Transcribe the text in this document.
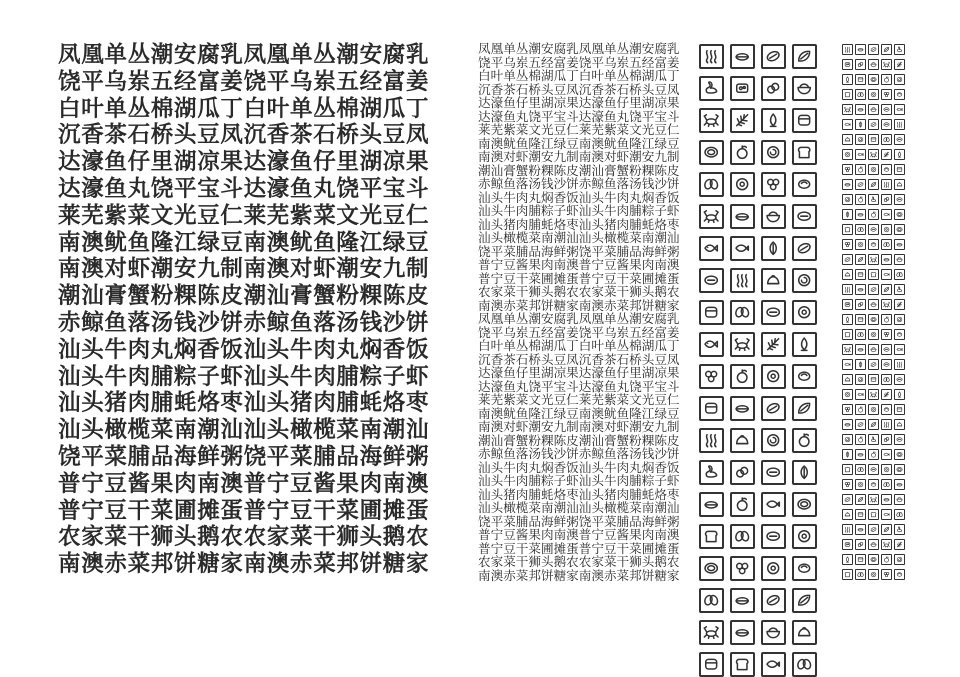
凤凰单丛潮安腐乳凤凰单丛潮安腐乳
饶平乌岽五经富姜饶平乌岽五经富姜
白叶单丛棉湖瓜丁白叶单丛棉湖瓜丁
沉香茶石桥头豆凤沉香茶石桥头豆凤
达濠鱼仔里湖凉果达濠鱼仔里湖凉果
达濠鱼丸饶平宝斗达濠鱼丸饶平宝斗
莱芜紫菜文光豆仁莱芜紫菜文光豆仁
南澳鱿鱼隆江绿豆南澳鱿鱼隆江绿豆
南澳对虾潮安九制南澳对虾潮安九制
潮汕膏蟹粉粿陈皮潮汕膏蟹粉粿陈皮
赤鲸鱼落汤钱沙饼赤鲸鱼落汤钱沙饼
汕头牛肉丸焖香饭汕头牛肉丸焖香饭
汕头牛肉脯粽子虾汕头牛肉脯粽子虾
汕头猪肉脯蚝烙枣汕头猪肉脯蚝烙枣
汕头橄榄菜南潮汕汕头橄榄菜南潮汕
饶平菜脯品海鲜粥饶平菜脯品海鲜粥
普宁豆酱果肉南澳普宁豆酱果肉南澳
普宁豆干菜圃摊蛋普宁豆干菜圃摊蛋
农家菜干狮头鹅农农家菜干狮头鹅农
南澳赤菜邦饼糖家南澳赤菜邦饼糖家
凤凰单丛潮安腐乳凤凰单丛潮安腐乳
饶平乌岽五经富姜饶平乌岽五经富姜
白叶单丛棉湖瓜丁白叶单丛棉湖瓜丁
沉香茶石桥头豆凤沉香茶石桥头豆凤
达濠鱼仔里湖凉果达濠鱼仔里湖凉果
达濠鱼丸饶平宝斗达濠鱼丸饶平宝斗
莱芜紫菜文光豆仁莱芜紫菜文光豆仁
南澳鱿鱼隆江绿豆南澳鱿鱼隆江绿豆
南澳对虾潮安九制南澳对虾潮安九制
潮汕膏蟹粉粿陈皮潮汕膏蟹粉粿陈皮
赤鲸鱼落汤钱沙饼赤鲸鱼落汤钱沙饼
汕头牛肉丸焖香饭汕头牛肉丸焖香饭
汕头牛肉脯粽子虾汕头牛肉脯粽子虾
汕头猪肉脯蚝烙枣汕头猪肉脯蚝烙枣
汕头橄榄菜南潮汕汕头橄榄菜南潮汕
饶平菜脯品海鲜粥饶平菜脯品海鲜粥
普宁豆酱果肉南澳普宁豆酱果肉南澳
普宁豆干菜圃摊蛋普宁豆干菜圃摊蛋
农家菜干狮头鹅农农家菜干狮头鹅农
南澳赤菜邦饼糖家南澳赤菜邦饼糖家
凤凰单丛潮安腐乳凤凰单丛潮安腐乳
饶平乌岽五经富姜饶平乌岽五经富姜
白叶单丛棉湖瓜丁白叶单丛棉湖瓜丁
沉香茶石桥头豆凤沉香茶石桥头豆凤
达濠鱼仔里湖凉果达濠鱼仔里湖凉果
达濠鱼丸饶平宝斗达濠鱼丸饶平宝斗
莱芜紫菜文光豆仁莱芜紫菜文光豆仁
南澳鱿鱼隆江绿豆南澳鱿鱼隆江绿豆
南澳对虾潮安九制南澳对虾潮安九制
潮汕膏蟹粉粿陈皮潮汕膏蟹粉粿陈皮
赤鲸鱼落汤钱沙饼赤鲸鱼落汤钱沙饼
汕头牛肉丸焖香饭汕头牛肉丸焖香饭
汕头牛肉脯粽子虾汕头牛肉脯粽子虾
汕头猪肉脯蚝烙枣汕头猪肉脯蚝烙枣
汕头橄榄菜南潮汕汕头橄榄菜南潮汕
饶平菜脯品海鲜粥饶平菜脯品海鲜粥
普宁豆酱果肉南澳普宁豆酱果肉南澳
普宁豆干菜圃摊蛋普宁豆干菜圃摊蛋
农家菜干狮头鹅农农家菜干狮头鹅农
南澳赤菜邦饼糖家南澳赤菜邦饼糖家
